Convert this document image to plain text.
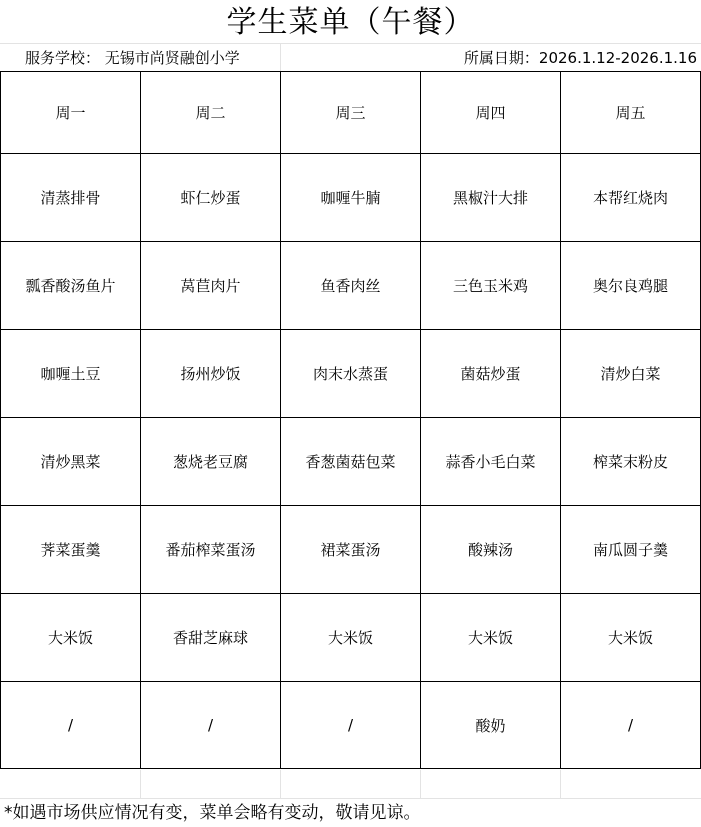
学生菜单（午餐）
服务学校： 无锡市尚贤融创小学	所属日期：2026.1.12-2026.1.16
周一	周二	周三	周四	周五
清蒸排骨	虾仁炒蛋	咖喱牛腩	黑椒汁大排	本帮红烧肉
瓢香酸汤鱼片	莴苣肉片	鱼香肉丝	三色玉米鸡	奥尔良鸡腿
咖喱土豆	扬州炒饭	肉末水蒸蛋	菌菇炒蛋	清炒白菜
清炒黑菜	葱烧老豆腐	香葱菌菇包菜	蒜香小毛白菜	榨菜末粉皮
荠菜蛋羹	番茄榨菜蛋汤	裙菜蛋汤	酸辣汤	南瓜圆子羹
大米饭	香甜芝麻球	大米饭	大米饭	大米饭
/	/	/	酸奶	/
*如遇市场供应情况有变，菜单会略有变动，敬请见谅。
